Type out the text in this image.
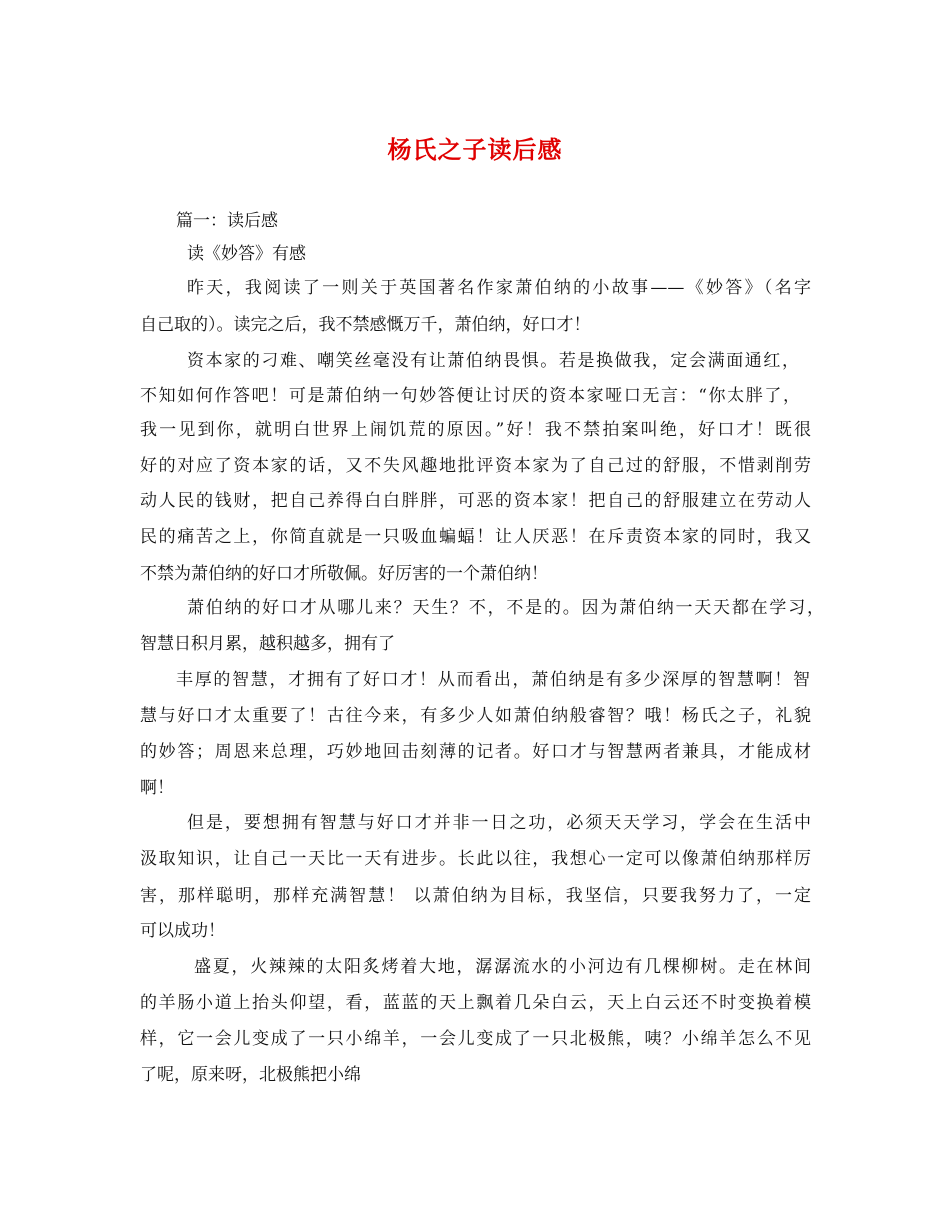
杨氏之子读后感
篇一：读后感
读《妙答》有感
昨天，我阅读了一则关于英国著名作家萧伯纳的小故事——《妙答》（名字
自己取的）。读完之后，我不禁感慨万千，萧伯纳，好口才！
资本家的刁难、嘲笑丝毫没有让萧伯纳畏惧。若是换做我，定会满面通红，
不知如何作答吧！可是萧伯纳一句妙答便让讨厌的资本家哑口无言：“你太胖了，
我一见到你，就明白世界上闹饥荒的原因。”好！我不禁拍案叫绝，好口才！既很
好的对应了资本家的话，又不失风趣地批评资本家为了自己过的舒服，不惜剥削劳
动人民的钱财，把自己养得白白胖胖，可恶的资本家！把自己的舒服建立在劳动人
民的痛苦之上，你简直就是一只吸血蝙蝠！让人厌恶！在斥责资本家的同时，我又
不禁为萧伯纳的好口才所敬佩。好厉害的一个萧伯纳！
萧伯纳的好口才从哪儿来？天生？不，不是的。因为萧伯纳一天天都在学习，
智慧日积月累，越积越多，拥有了
丰厚的智慧，才拥有了好口才！从而看出，萧伯纳是有多少深厚的智慧啊！智
慧与好口才太重要了！古往今来，有多少人如萧伯纳般睿智？哦！杨氏之子，礼貌
的妙答；周恩来总理，巧妙地回击刻薄的记者。好口才与智慧两者兼具，才能成材
啊！
但是，要想拥有智慧与好口才并非一日之功，必须天天学习，学会在生活中
汲取知识，让自己一天比一天有进步。长此以往，我想心一定可以像萧伯纳那样厉
害，那样聪明，那样充满智慧！ 以萧伯纳为目标，我坚信，只要我努力了，一定
可以成功！
盛夏，火辣辣的太阳炙烤着大地，潺潺流水的小河边有几棵柳树。走在林间
的羊肠小道上抬头仰望，看，蓝蓝的天上飘着几朵白云，天上白云还不时变换着模
样，它一会儿变成了一只小绵羊，一会儿变成了一只北极熊，咦？小绵羊怎么不见
了呢，原来呀，北极熊把小绵
